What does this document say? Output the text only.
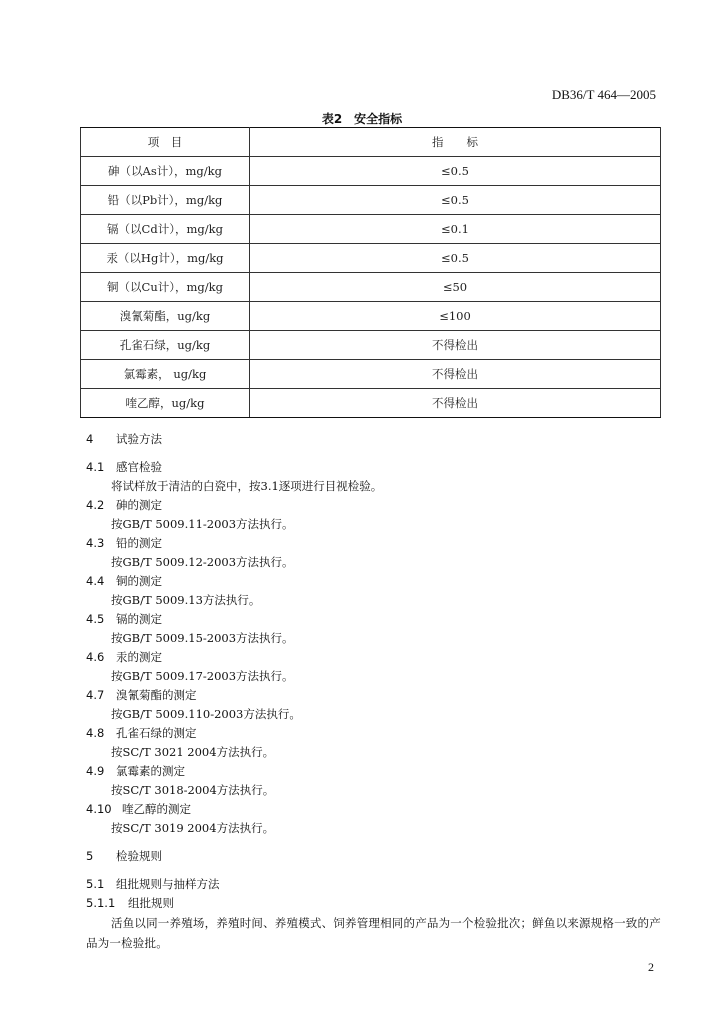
DB36/T 464—2005
表2　安全指标
项　目	指　　标
砷（以As计），mg/kg	≤0.5
铅（以Pb计），mg/kg	≤0.5
镉（以Cd计），mg/kg	≤0.1
汞（以Hg计），mg/kg	≤0.5
铜（以Cu计），mg/kg	≤50
溴氰菊酯，ug/kg	≤100
孔雀石绿，ug/kg	不得检出
氯霉素， ug/kg	不得检出
喹乙醇，ug/kg	不得检出

4 试验方法

4.1 感官检验

将试样放于清洁的白瓷中，按3.1逐项进行目视检验。

4.2 砷的测定

按GB/T 5009.11-2003方法执行。

4.3 铅的测定

按GB/T 5009.12-2003方法执行。

4.4 铜的测定

按GB/T 5009.13方法执行。

4.5 镉的测定

按GB/T 5009.15-2003方法执行。

4.6 汞的测定

按GB/T 5009.17-2003方法执行。

4.7 溴氰菊酯的测定

按GB/T 5009.110-2003方法执行。

4.8 孔雀石绿的测定

按SC/T 3021 2004方法执行。

4.9 氯霉素的测定

按SC/T 3018-2004方法执行。

4.10 喹乙醇的测定

按SC/T 3019 2004方法执行。

5 检验规则

5.1 组批规则与抽样方法

5.1.1 组批规则

活鱼以同一养殖场，养殖时间、养殖模式、饲养管理相同的产品为一个检验批次；鲜鱼以来源规格一致的产品为一检验批。

2
